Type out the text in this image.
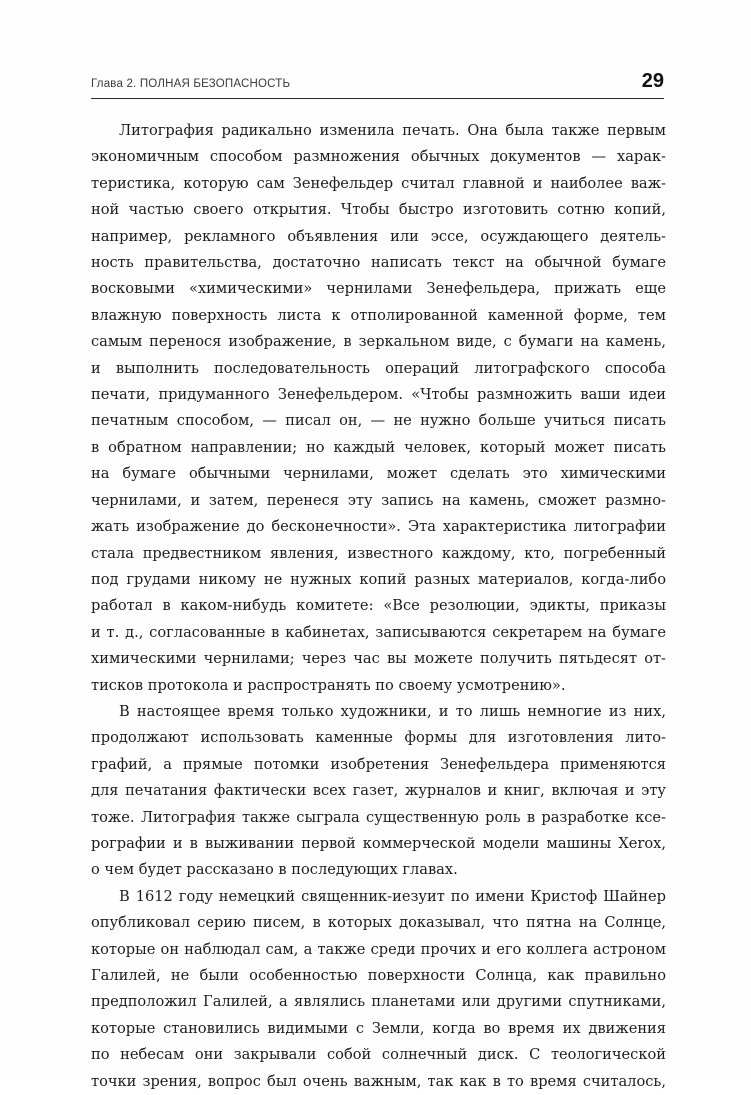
Глава 2. ПОЛНАЯ БЕЗОПАСНОСТЬ	29
Литография радикально изменила печать. Она была также первым
экономичным способом размножения обычных документов — харак-
теристика, которую сам Зенефельдер считал главной и наиболее важ-
ной частью своего открытия. Чтобы быстро изготовить сотню копий,
например, рекламного объявления или эссе, осуждающего деятель-
ность правительства, достаточно написать текст на обычной бумаге
восковыми «химическими» чернилами Зенефельдера, прижать еще
влажную поверхность листа к отполированной каменной форме, тем
самым перенося изображение, в зеркальном виде, с бумаги на камень,
и выполнить последовательность операций литографского способа
печати, придуманного Зенефельдером. «Чтобы размножить ваши идеи
печатным способом, — писал он, — не нужно больше учиться писать
в обратном направлении; но каждый человек, который может писать
на бумаге обычными чернилами, может сделать это химическими
чернилами, и затем, перенеся эту запись на камень, сможет размно-
жать изображение до бесконечности». Эта характеристика литографии
стала предвестником явления, известного каждому, кто, погребенный
под грудами никому не нужных копий разных материалов, когда-либо
работал в каком-нибудь комитете: «Все резолюции, эдикты, приказы
и т. д., согласованные в кабинетах, записываются секретарем на бумаге
химическими чернилами; через час вы можете получить пятьдесят от-
тисков протокола и распространять по своему усмотрению».
В настоящее время только художники, и то лишь немногие из них,
продолжают использовать каменные формы для изготовления лито-
графий, а прямые потомки изобретения Зенефельдера применяются
для печатания фактически всех газет, журналов и книг, включая и эту
тоже. Литография также сыграла существенную роль в разработке ксе-
рографии и в выживании первой коммерческой модели машины Xerox,
о чем будет рассказано в последующих главах.
В 1612 году немецкий священник-иезуит по имени Кристоф Шайнер
опубликовал серию писем, в которых доказывал, что пятна на Солнце,
которые он наблюдал сам, а также среди прочих и его коллега астроном
Галилей, не были особенностью поверхности Солнца, как правильно
предположил Галилей, а являлись планетами или другими спутниками,
которые становились видимыми с Земли, когда во время их движения
по небесам они закрывали собой солнечный диск. С теологической
точки зрения, вопрос был очень важным, так как в то время считалось,
